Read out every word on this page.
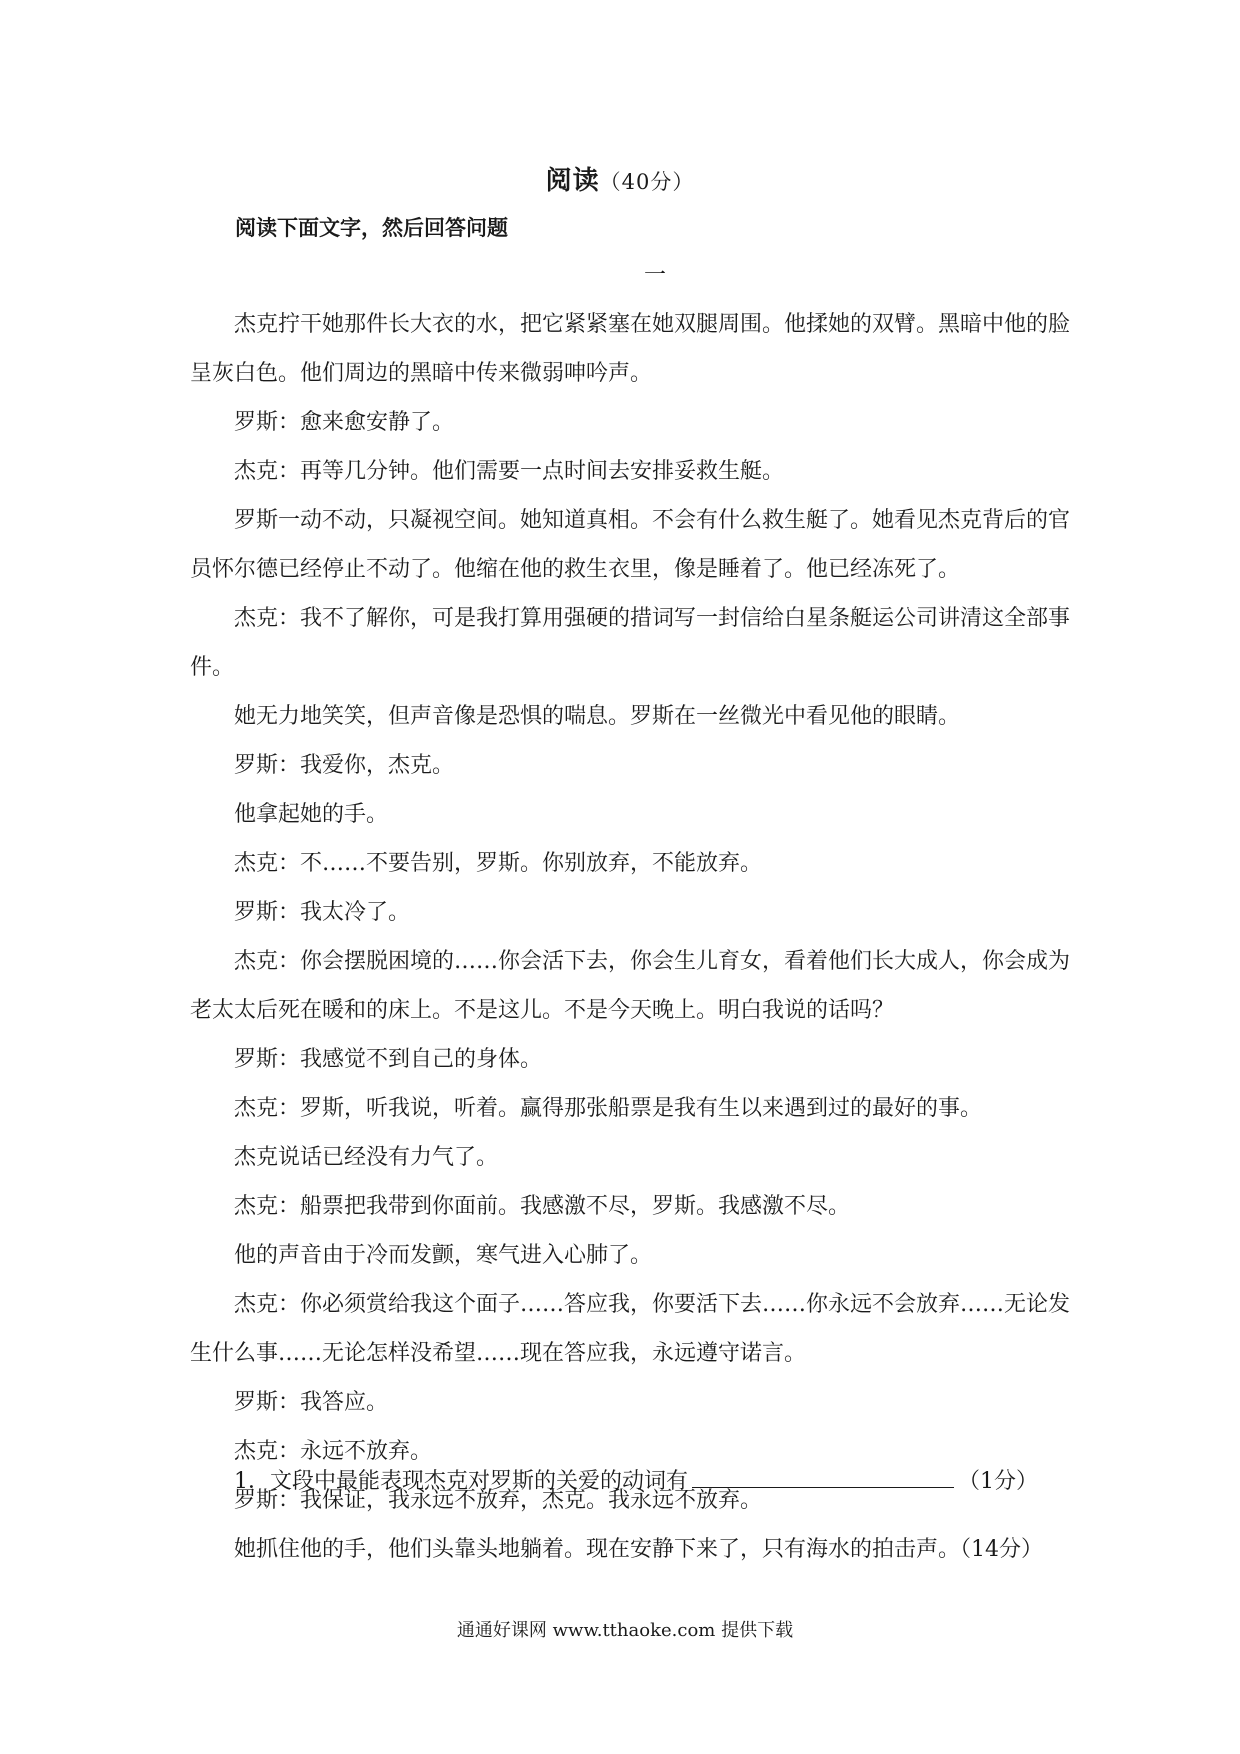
阅读（40分）
阅读下面文字，然后回答问题
一

杰克拧干她那件长大衣的水，把它紧紧塞在她双腿周围。他揉她的双臂。黑暗中他的脸呈灰白色。他们周边的黑暗中传来微弱呻吟声。

罗斯：愈来愈安静了。

杰克：再等几分钟。他们需要一点时间去安排妥救生艇。

罗斯一动不动，只凝视空间。她知道真相。不会有什么救生艇了。她看见杰克背后的官员怀尔德已经停止不动了。他缩在他的救生衣里，像是睡着了。他已经冻死了。

杰克：我不了解你，可是我打算用强硬的措词写一封信给白星条艇运公司讲清这全部事件。

她无力地笑笑，但声音像是恐惧的喘息。罗斯在一丝微光中看见他的眼睛。

罗斯：我爱你，杰克。

他拿起她的手。

杰克：不……不要告别，罗斯。你别放弃，不能放弃。

罗斯：我太冷了。

杰克：你会摆脱困境的……你会活下去，你会生儿育女，看着他们长大成人，你会成为老太太后死在暖和的床上。不是这儿。不是今天晚上。明白我说的话吗？

罗斯：我感觉不到自己的身体。

杰克：罗斯，听我说，听着。赢得那张船票是我有生以来遇到过的最好的事。

杰克说话已经没有力气了。

杰克：船票把我带到你面前。我感激不尽，罗斯。我感激不尽。

他的声音由于冷而发颤，寒气进入心肺了。

杰克：你必须赏给我这个面子……答应我，你要活下去……你永远不会放弃……无论发生什么事……无论怎样没希望……现在答应我，永远遵守诺言。

罗斯：我答应。

杰克：永远不放弃。

罗斯：我保证，我永远不放弃，杰克。我永远不放弃。

她抓住他的手，他们头靠头地躺着。现在安静下来了，只有海水的拍击声。（14分）

1．文段中最能表现杰克对罗斯的关爱的动词有	（1分）
通通好课网 www.tthaoke.com 提供下载
